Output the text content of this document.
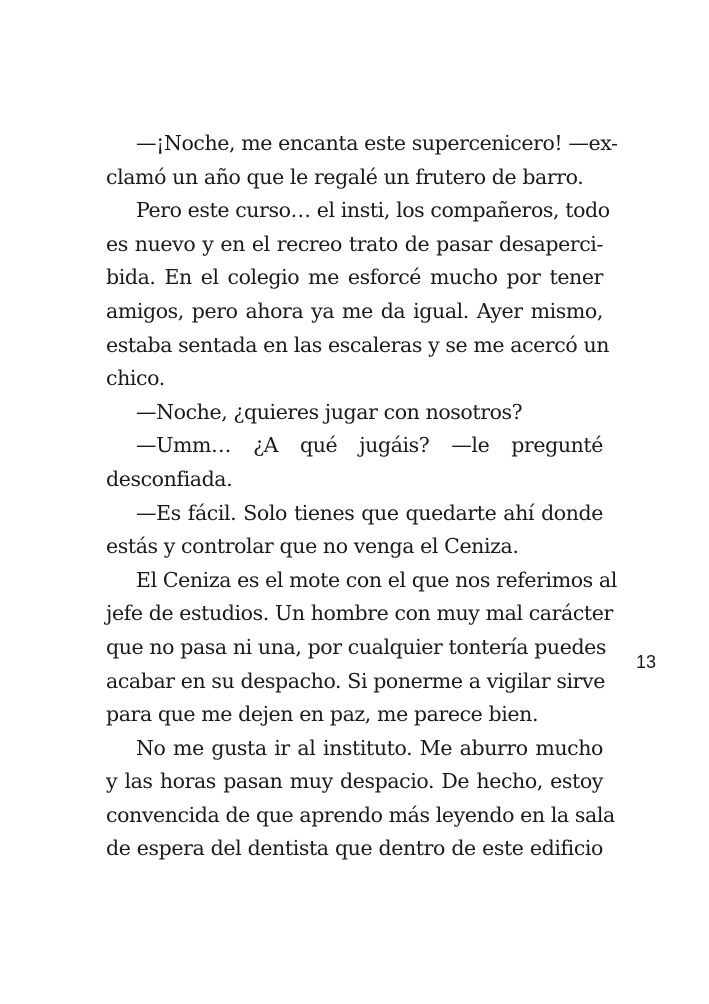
—¡Noche, me encanta este supercenicero! —ex-
clamó un año que le regalé un frutero de barro.
Pero este curso… el insti, los compañeros, todo
es nuevo y en el recreo trato de pasar desaperci-
bida. En el colegio me esforcé mucho por tener
amigos, pero ahora ya me da igual. Ayer mismo,
estaba sentada en las escaleras y se me acercó un
chico.
—Noche, ¿quieres jugar con nosotros?
—Umm… ¿A qué jugáis? —le pregunté
desconfiada.
—Es fácil. Solo tienes que quedarte ahí donde
estás y controlar que no venga el Ceniza.
El Ceniza es el mote con el que nos referimos al
jefe de estudios. Un hombre con muy mal carácter
que no pasa ni una, por cualquier tontería puedes
acabar en su despacho. Si ponerme a vigilar sirve
para que me dejen en paz, me parece bien.
No me gusta ir al instituto. Me aburro mucho
y las horas pasan muy despacio. De hecho, estoy
convencida de que aprendo más leyendo en la sala
de espera del dentista que dentro de este edificio
13
